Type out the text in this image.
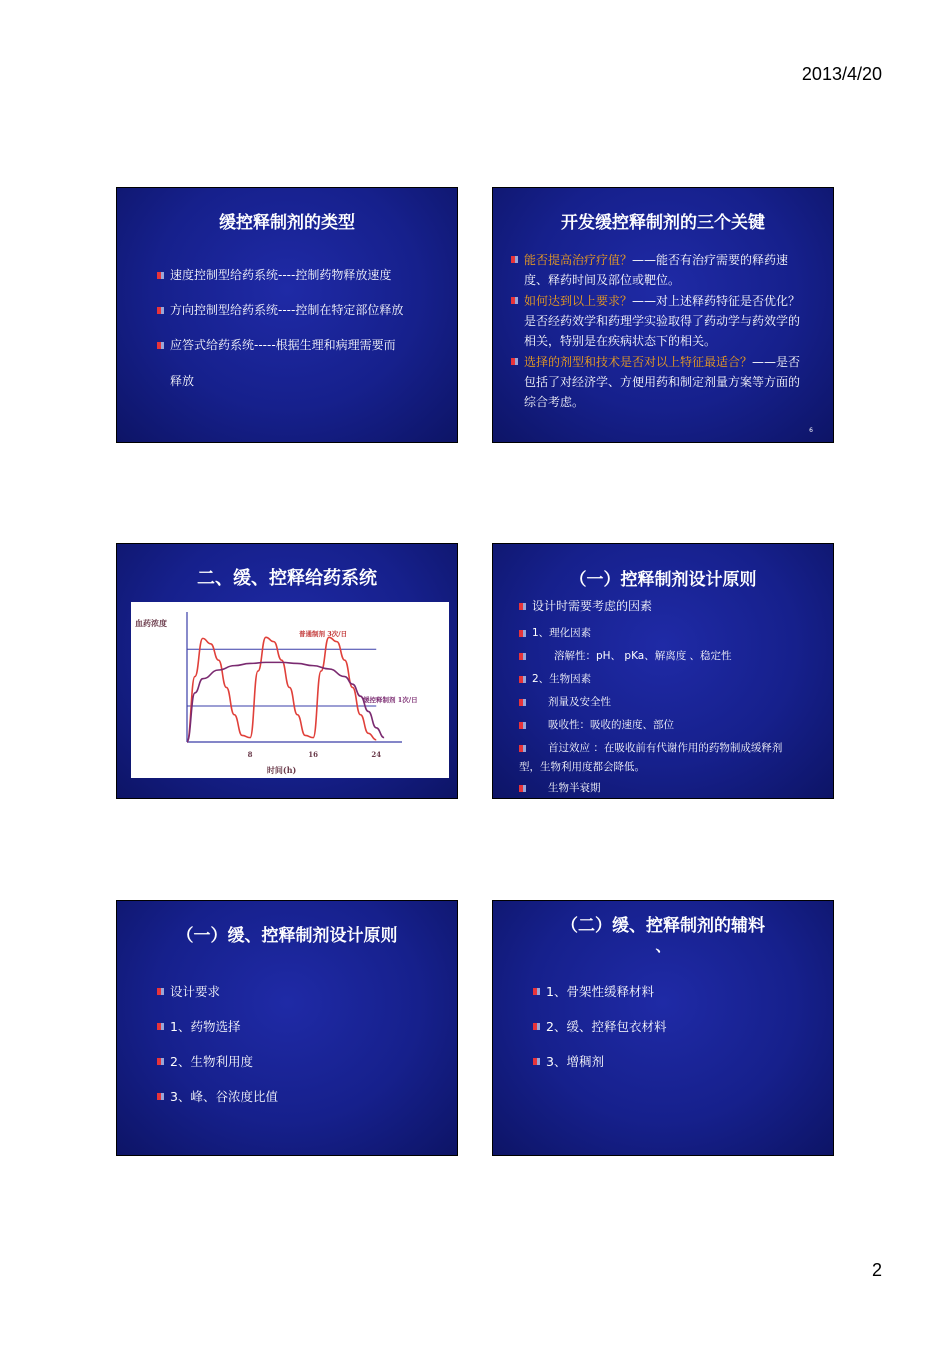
2013/4/20
缓控释制剂的类型
速度控制型给药系统----控制药物释放速度
方向控制型给药系统----控制在特定部位释放
应答式给药系统-----根据生理和病理需要而
释放
开发缓控释制剂的三个关键
能否提高治疗疗值？——能否有治疗需要的释药速度、释药时间及部位或靶位。
如何达到以上要求？——对上述释药特征是否优化？是否经药效学和药理学实验取得了药动学与药效学的相关，特别是在疾病状态下的相关。
选择的剂型和技术是否对以上特征最适合？——是否包括了对经济学、方便用药和制定剂量方案等方面的综合考虑。
6
二、缓、控释给药系统
8	16	24
血药浓度
时间(h)
普通制剂 3次/日
缓控释制剂 1次/日
（一）控释制剂设计原则
设计时需要考虑的因素
1、理化因素
溶解性：pH、 pKa、解离度 、稳定性
2、生物因素
剂量及安全性
吸收性：吸收的速度、部位
首过效应 ：在吸收前有代谢作用的药物制成缓释剂
型，生物利用度都会降低。
生物半衰期
（一）缓、控释制剂设计原则
设计要求
1、药物选择
2、生物利用度
3、峰、谷浓度比值
（二）缓、控释制剂的辅料
、
1、骨架性缓释材料
2、缓、控释包衣材料
3、增稠剂
2
